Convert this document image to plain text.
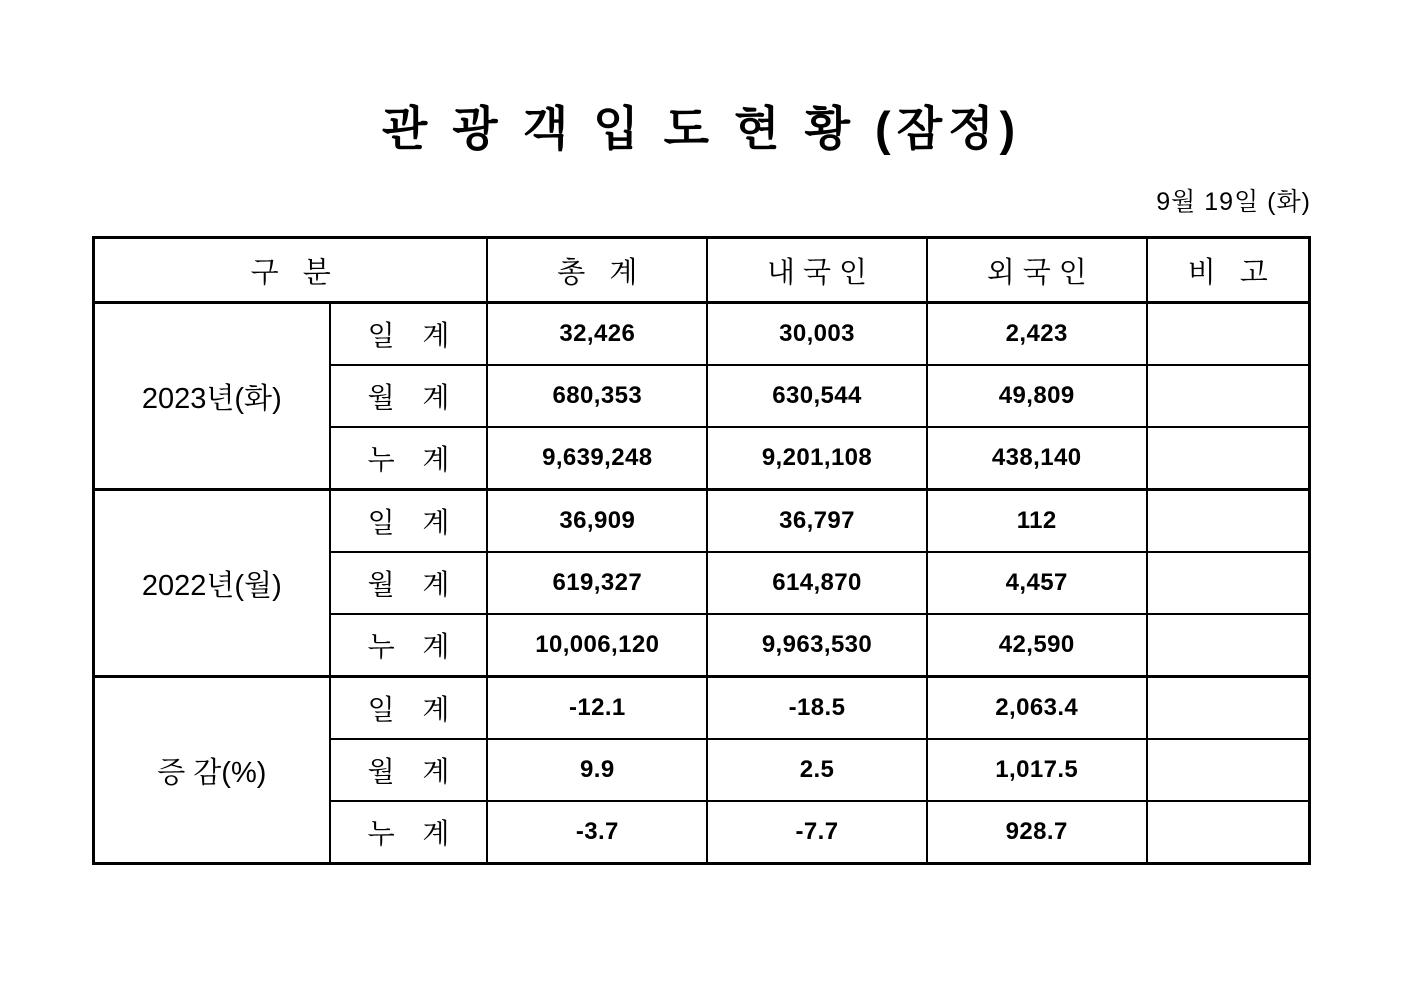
관 광 객 입 도 현 황 (잠정)
9월 19일 (화)
구 분		총 계	내국인	외국인	비 고
2023년(화)	일 계	32,426	30,003	2,423	
	월 계	680,353	630,544	49,809	
	누 계	9,639,248	9,201,108	438,140	
2022년(월)	일 계	36,909	36,797	112	
	월 계	619,327	614,870	4,457	
	누 계	10,006,120	9,963,530	42,590	
증 감(%)	일 계	-12.1	-18.5	2,063.4	
	월 계	9.9	2.5	1,017.5	
	누 계	-3.7	-7.7	928.7	
